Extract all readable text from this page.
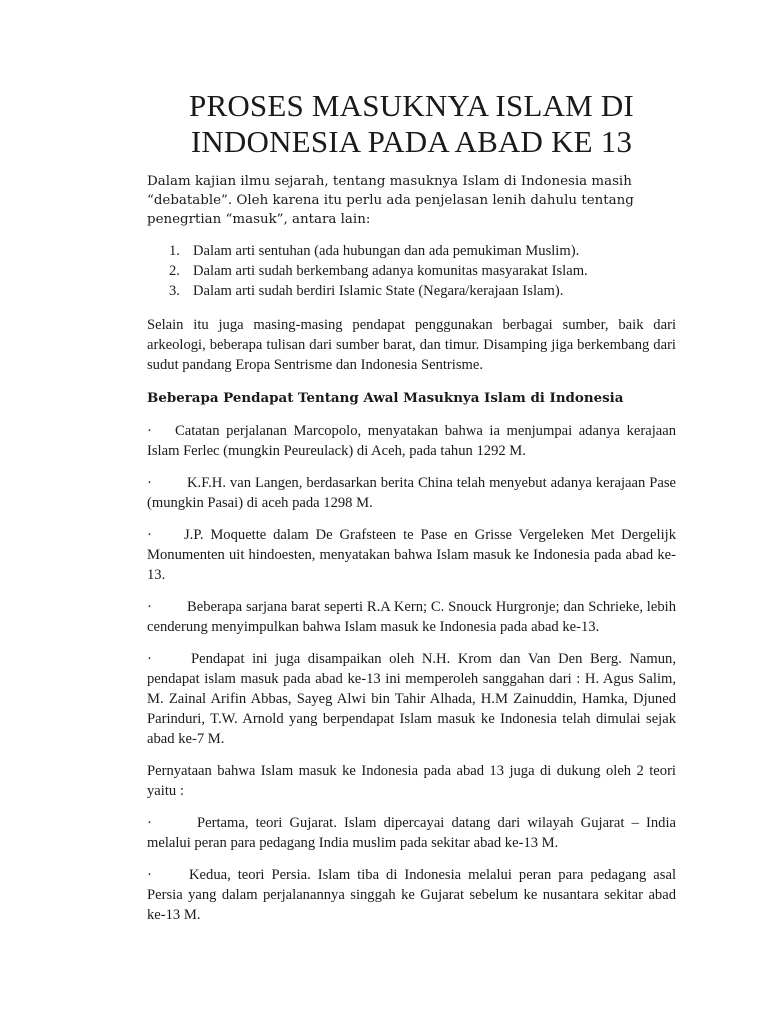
PROSES MASUKNYA ISLAM DI
INDONESIA PADA ABAD KE 13

Dalam kajian ilmu sejarah, tentang masuknya Islam di Indonesia masih “debatable”. Oleh karena itu perlu ada penjelasan lenih dahulu tentang penegrtian “masuk”, antara lain:

1. Dalam arti sentuhan (ada hubungan dan ada pemukiman Muslim).
2. Dalam arti sudah berkembang adanya komunitas masyarakat Islam.
3. Dalam arti sudah berdiri Islamic State (Negara/kerajaan Islam).

Selain itu juga masing-masing pendapat penggunakan berbagai sumber, baik dari arkeologi, beberapa tulisan dari sumber barat, dan timur. Disamping jiga berkembang dari sudut pandang Eropa Sentrisme dan Indonesia Sentrisme.

Beberapa Pendapat Tentang Awal Masuknya Islam di Indonesia

· Catatan perjalanan Marcopolo, menyatakan bahwa ia menjumpai adanya kerajaan Islam Ferlec (mungkin Peureulack) di Aceh, pada tahun 1292 M.

· K.F.H. van Langen, berdasarkan berita China telah menyebut adanya kerajaan Pase (mungkin Pasai) di aceh pada 1298 M.

· J.P. Moquette dalam De Grafsteen te Pase en Grisse Vergeleken Met Dergelijk Monumenten uit hindoesten, menyatakan bahwa Islam masuk ke Indonesia pada abad ke-13.

· Beberapa sarjana barat seperti R.A Kern; C. Snouck Hurgronje; dan Schrieke, lebih cenderung menyimpulkan bahwa Islam masuk ke Indonesia pada abad ke-13.

·	Pendapat ini juga disampaikan oleh N.H. Krom dan Van Den Berg. Namun, pendapat islam masuk pada abad ke-13 ini memperoleh sanggahan dari : H. Agus Salim, M. Zainal Arifin Abbas, Sayeg Alwi bin Tahir Alhada, H.M Zainuddin, Hamka, Djuned Parinduri, T.W. Arnold yang berpendapat Islam masuk ke Indonesia telah dimulai sejak abad ke-7 M.

Pernyataan bahwa Islam masuk ke Indonesia pada abad 13 juga di dukung oleh 2 teori yaitu :

·	Pertama, teori Gujarat. Islam dipercayai datang dari wilayah Gujarat – India melalui peran para pedagang India muslim pada sekitar abad ke-13 M.

·	Kedua, teori Persia. Islam tiba di Indonesia melalui peran para pedagang asal Persia yang dalam perjalanannya singgah ke Gujarat sebelum ke nusantara sekitar abad ke-13 M.
